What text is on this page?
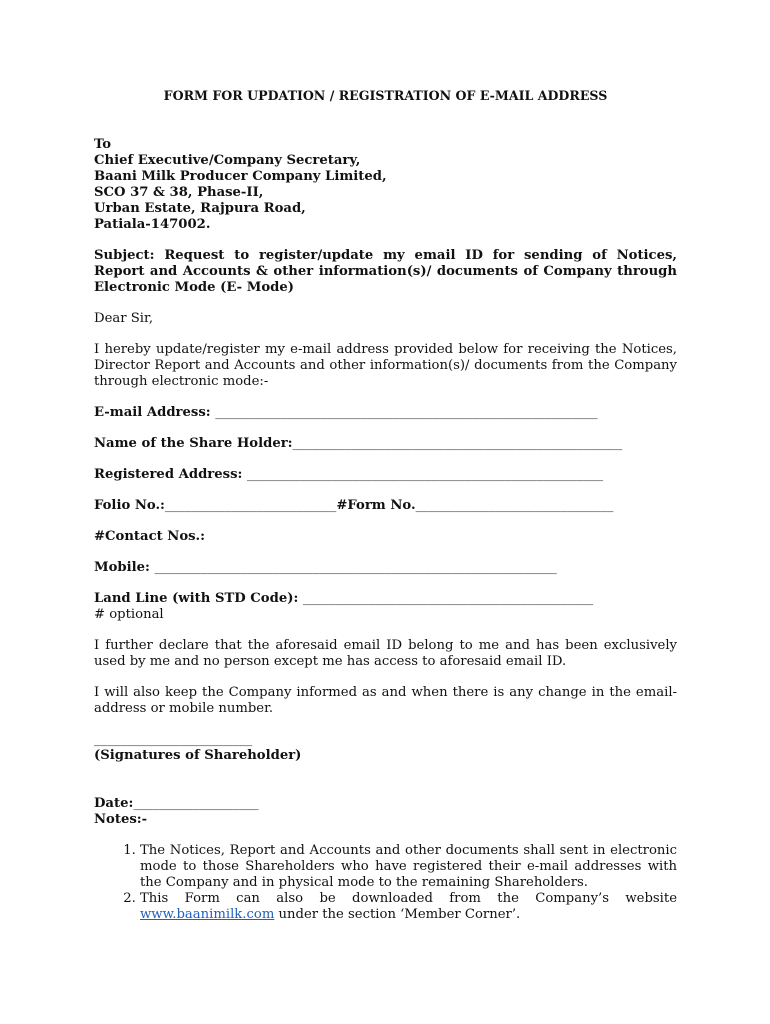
FORM FOR UPDATION / REGISTRATION OF E-MAIL ADDRESS

To

Chief Executive/Company Secretary,

Baani Milk Producer Company Limited,

SCO 37 & 38, Phase-II,

Urban Estate, Rajpura Road,

Patiala-147002.

Subject: Request to register/update my email ID for sending of Notices, Report and Accounts & other information(s)/ documents of Company through Electronic Mode (E- Mode)

Dear Sir,

I hereby update/register my e-mail address provided below for receiving the Notices, Director Report and Accounts and other information(s)/ documents from the Company through electronic mode:-

E-mail Address: __________________________________________________________

Name of the Share Holder:__________________________________________________

Registered Address: ______________________________________________________

Folio No.:__________________________#Form No.______________________________

#Contact Nos.:

Mobile: _____________________________________________________________

Land Line (with STD Code): ____________________________________________

# optional

I further declare that the aforesaid email ID belong to me and has been exclusively used by me and no person except me has access to aforesaid email ID.

I will also keep the Company informed as and when there is any change in the email-address or mobile number.

________________________

(Signatures of Shareholder)

Date:___________________

Notes:-

1. The Notices, Report and Accounts and other documents shall sent in electronic mode to those Shareholders who have registered their e-mail addresses with the Company and in physical mode to the remaining Shareholders.
2. This Form can also be downloaded from the Company’s website www.baanimilk.com under the section ‘Member Corner’.
